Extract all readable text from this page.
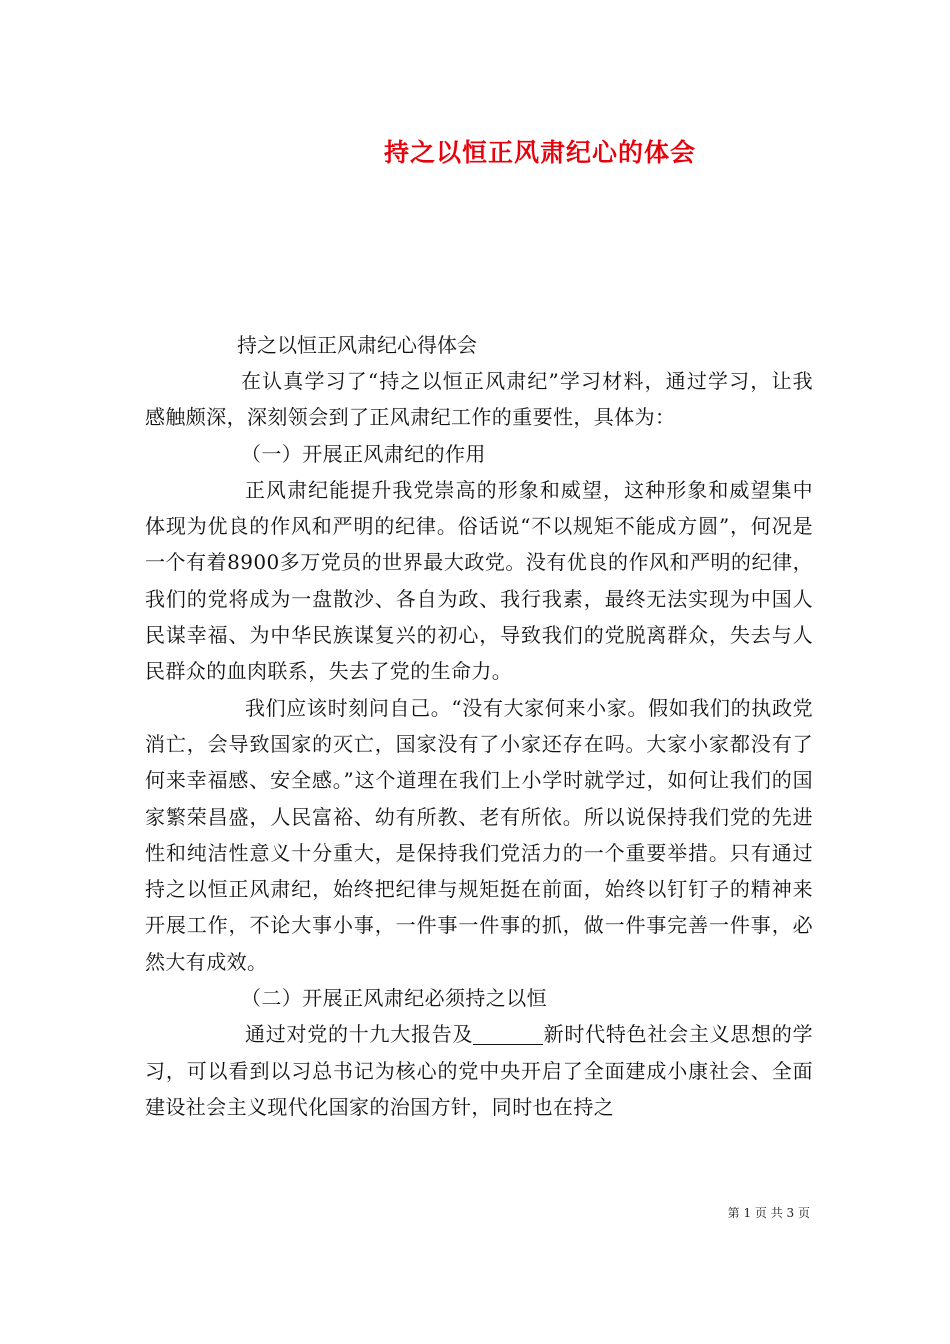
持之以恒正风肃纪心的体会
持之以恒正风肃纪心得体会

在认真学习了“持之以恒正风肃纪”学习材料，通过学习，让我感触颇深，深刻领会到了正风肃纪工作的重要性，具体为：

（一）开展正风肃纪的作用

正风肃纪能提升我党崇高的形象和威望，这种形象和威望集中体现为优良的作风和严明的纪律。俗话说“不以规矩不能成方圆”，何况是一个有着8900多万党员的世界最大政党。没有优良的作风和严明的纪律，我们的党将成为一盘散沙、各自为政、我行我素，最终无法实现为中国人民谋幸福、为中华民族谋复兴的初心，导致我们的党脱离群众，失去与人民群众的血肉联系，失去了党的生命力。

我们应该时刻问自己。“没有大家何来小家。假如我们的执政党消亡，会导致国家的灭亡，国家没有了小家还存在吗。大家小家都没有了何来幸福感、安全感。”这个道理在我们上小学时就学过，如何让我们的国家繁荣昌盛，人民富裕、幼有所教、老有所依。所以说保持我们党的先进性和纯洁性意义十分重大，是保持我们党活力的一个重要举措。只有通过持之以恒正风肃纪，始终把纪律与规矩挺在前面，始终以钉钉子的精神来开展工作，不论大事小事，一件事一件事的抓，做一件事完善一件事，必然大有成效。

（二）开展正风肃纪必须持之以恒

通过对党的十九大报告及	新时代特色社会主义思想的学习，可以看到以习总书记为核心的党中央开启了全面建成小康社会、全面建设社会主义现代化国家的治国方针，同时也在持之

第 1 页 共 3 页
